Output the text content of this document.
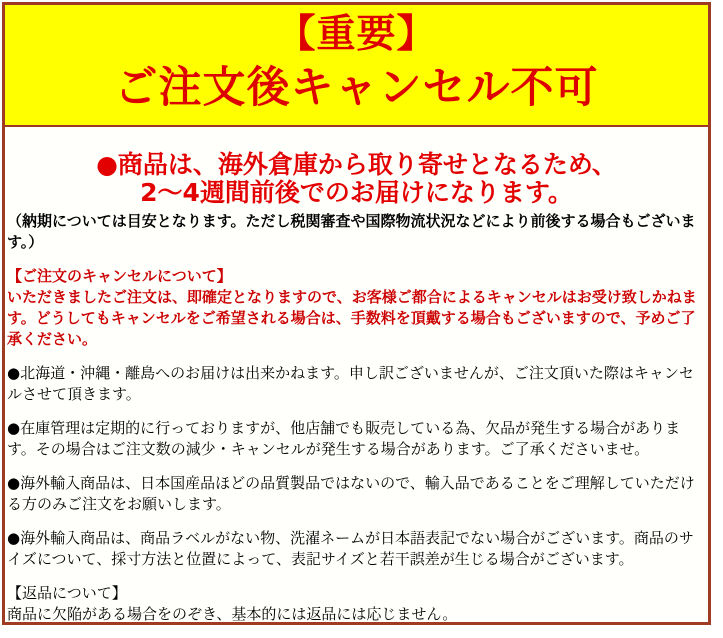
【重要】
ご注文後キャンセル不可
●商品は、海外倉庫から取り寄せとなるため、
2～4週間前後でのお届けになります。

（納期については目安となります。ただし税関審査や国際物流状況などにより前後する場合もございます。）

【ご注文のキャンセルについて】
いただきましたご注文は、即確定となりますので、お客様ご都合によるキャンセルはお受け致しかねます。どうしてもキャンセルをご希望される場合は、手数料を頂戴する場合もございますので、予めご了承ください。

●北海道・沖縄・離島へのお届けは出来かねます。申し訳ございませんが、ご注文頂いた際はキャンセルさせて頂きます。

●在庫管理は定期的に行っておりますが、他店舗でも販売している為、欠品が発生する場合があります。その場合はご注文数の減少・キャンセルが発生する場合があります。ご了承くださいませ。

●海外輸入商品は、日本国産品ほどの品質製品ではないので、輸入品であることをご理解していただける方のみご注文をお願いします。

●海外輸入商品は、商品ラベルがない物、洗濯ネームが日本語表記でない場合がございます。商品のサイズについて、採寸方法と位置によって、表記サイズと若干誤差が生じる場合がございます。

【返品について】
商品に欠陥がある場合をのぞき、基本的には返品には応じません。
